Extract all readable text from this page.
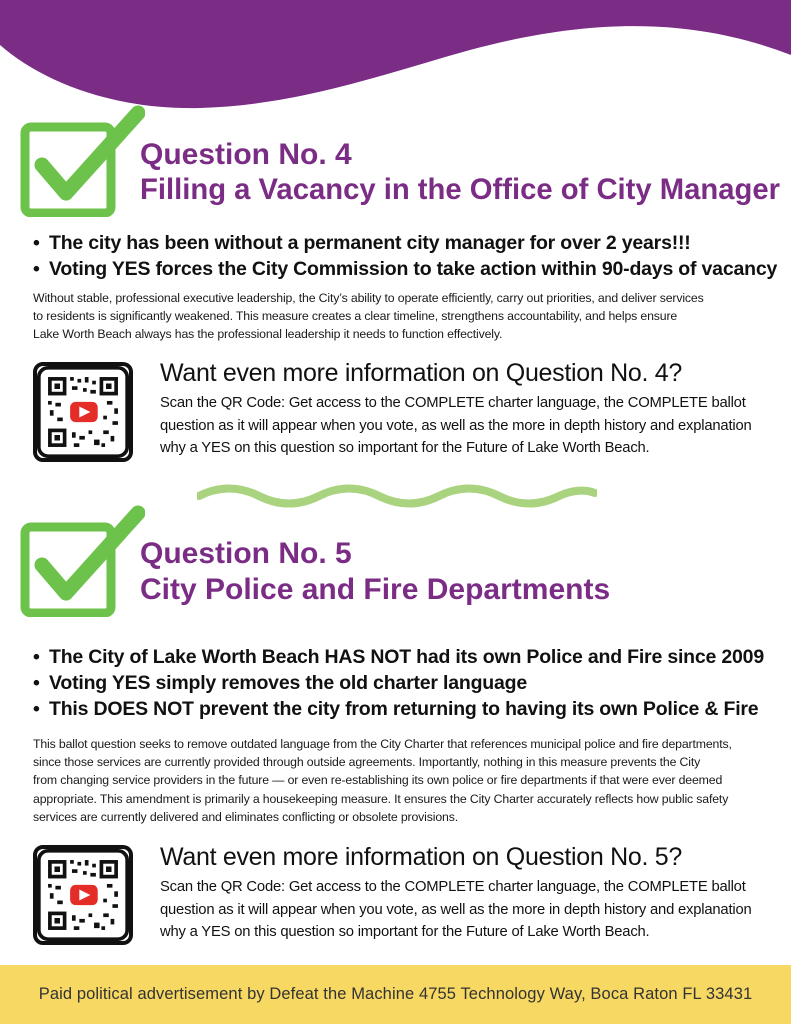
Question No. 4
Filling a Vacancy in the Office of City Manager
• The city has been without a permanent city manager for over 2 years!!!
• Voting YES forces the City Commission to take action within 90-days of vacancy
Without stable, professional executive leadership, the City’s ability to operate efficiently, carry out priorities, and deliver services
to residents is significantly weakened. This measure creates a clear timeline, strengthens accountability, and helps ensure
Lake Worth Beach always has the professional leadership it needs to function effectively.
Want even more information on Question No. 4?
Scan the QR Code: Get access to the COMPLETE charter language, the COMPLETE ballot
question as it will appear when you vote, as well as the more in depth history and explanation
why a YES on this question so important for the Future of Lake Worth Beach.
Question No. 5
City Police and Fire Departments
• The City of Lake Worth Beach HAS NOT had its own Police and Fire since 2009
• Voting YES simply removes the old charter language
• This DOES NOT prevent the city from returning to having its own Police & Fire
This ballot question seeks to remove outdated language from the City Charter that references municipal police and fire departments,
since those services are currently provided through outside agreements. Importantly, nothing in this measure prevents the City
from changing service providers in the future — or even re-establishing its own police or fire departments if that were ever deemed
appropriate. This amendment is primarily a housekeeping measure. It ensures the City Charter accurately reflects how public safety
services are currently delivered and eliminates conflicting or obsolete provisions.
Want even more information on Question No. 5?
Scan the QR Code: Get access to the COMPLETE charter language, the COMPLETE ballot
question as it will appear when you vote, as well as the more in depth history and explanation
why a YES on this question so important for the Future of Lake Worth Beach.
Paid political advertisement by Defeat the Machine 4755 Technology Way, Boca Raton FL 33431
